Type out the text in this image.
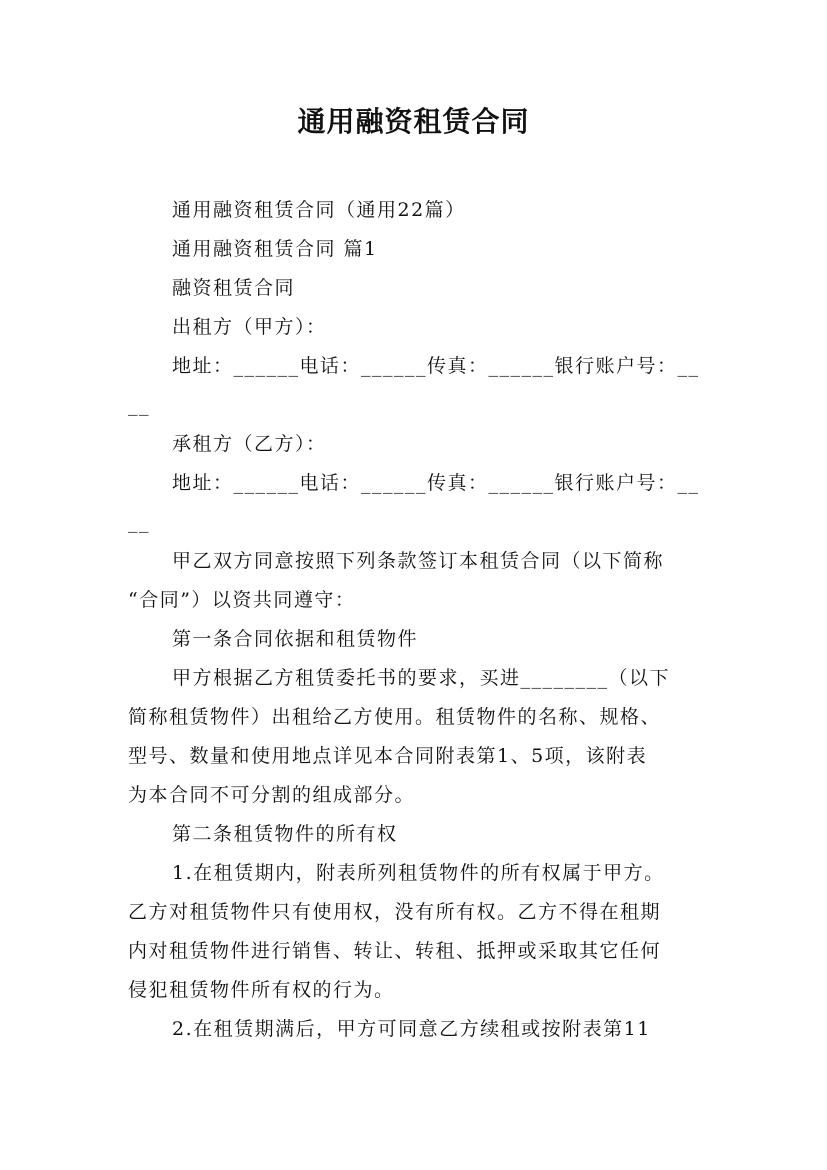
通用融资租赁合同
通用融资租赁合同（通用22篇）
通用融资租赁合同 篇1
融资租赁合同
出租方（甲方）：
地址：______电话：______传真：______银行账户号：__
__
承租方（乙方）：
地址：______电话：______传真：______银行账户号：__
__
甲乙双方同意按照下列条款签订本租赁合同（以下简称
“合同”）以资共同遵守：
第一条合同依据和租赁物件
甲方根据乙方租赁委托书的要求，买进________（以下
简称租赁物件）出租给乙方使用。租赁物件的名称、规格、
型号、数量和使用地点详见本合同附表第1、5项，该附表
为本合同不可分割的组成部分。
第二条租赁物件的所有权
1.在租赁期内，附表所列租赁物件的所有权属于甲方。
乙方对租赁物件只有使用权，没有所有权。乙方不得在租期
内对租赁物件进行销售、转让、转租、抵押或采取其它任何
侵犯租赁物件所有权的行为。
2.在租赁期满后，甲方可同意乙方续租或按附表第11
